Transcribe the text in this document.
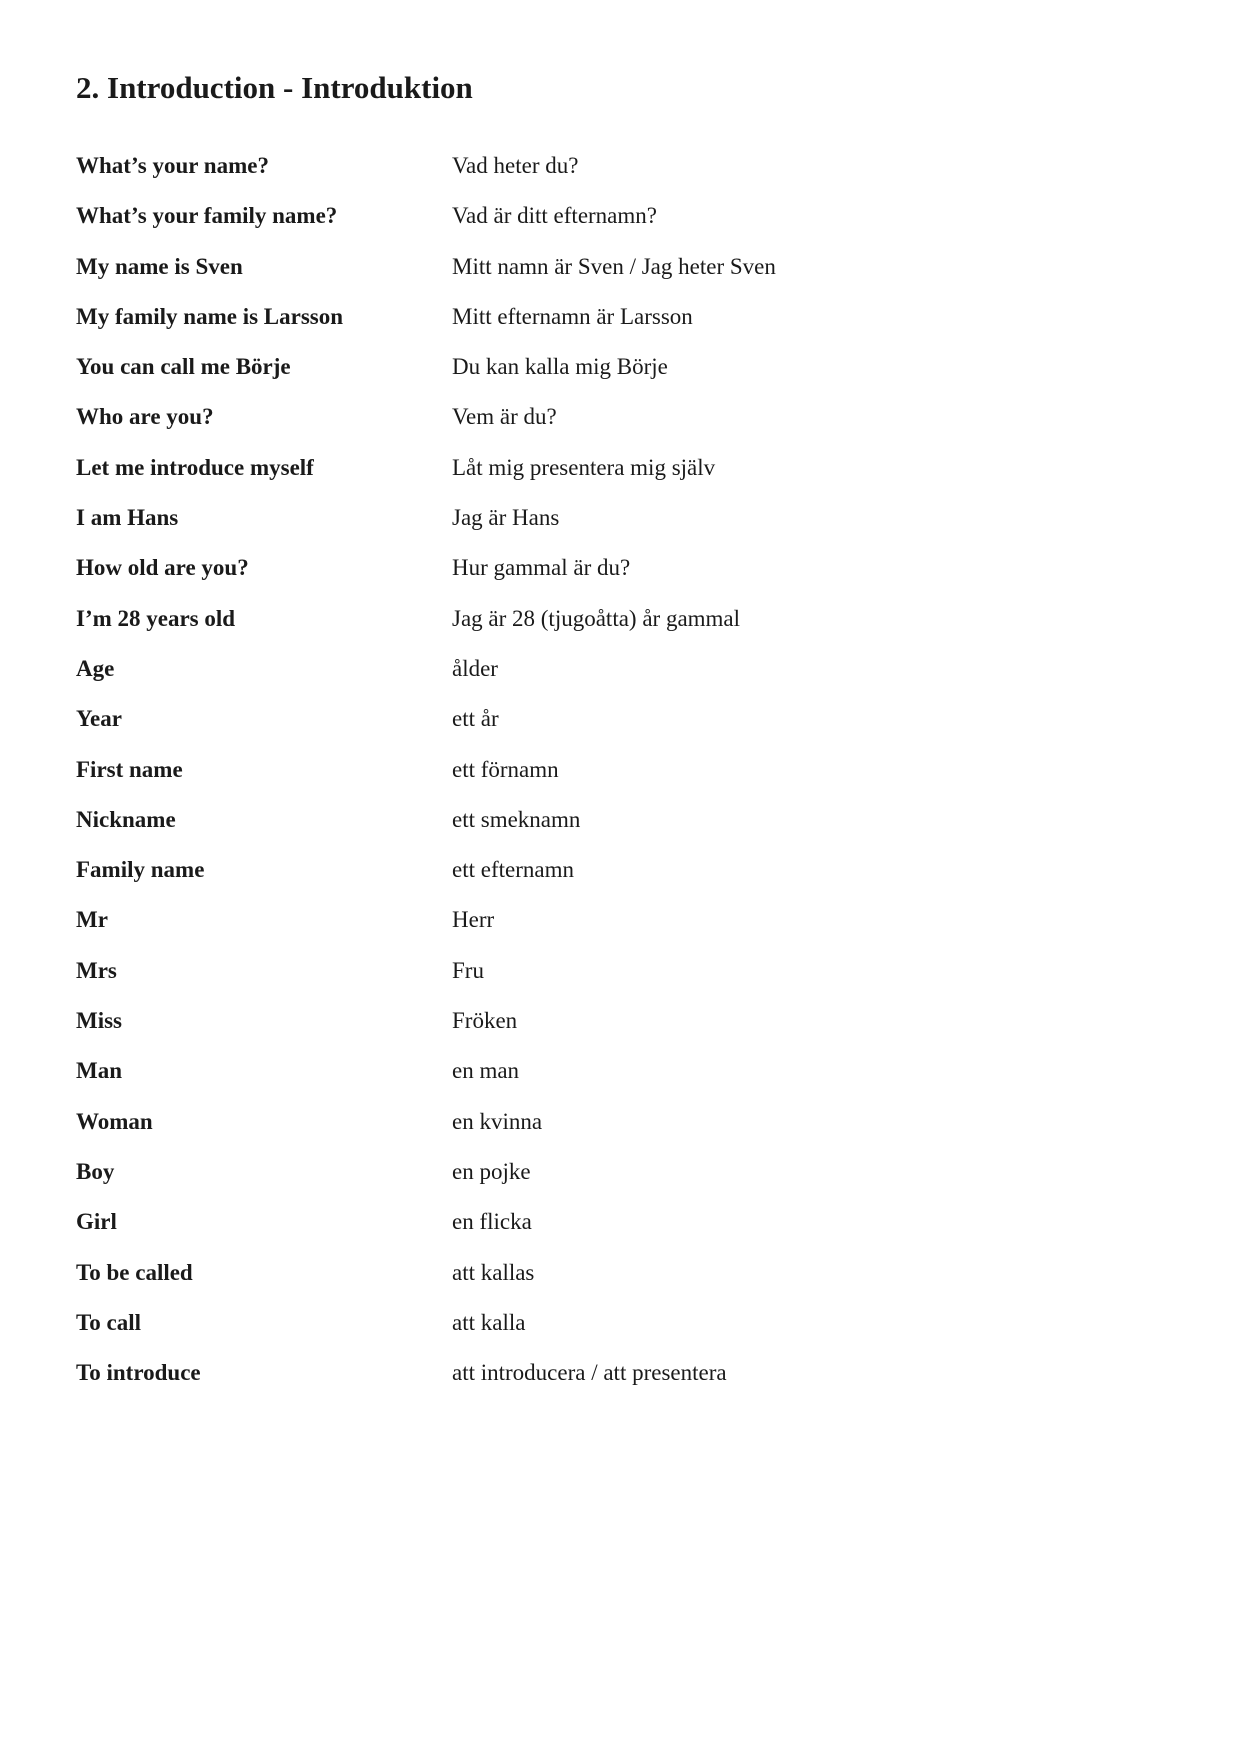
2. Introduction - Introduktion
What’s your name?	Vad heter du?
What’s your family name?	Vad är ditt efternamn?
My name is Sven	Mitt namn är Sven / Jag heter Sven
My family name is Larsson	Mitt efternamn är Larsson
You can call me Börje	Du kan kalla mig Börje
Who are you?	Vem är du?
Let me introduce myself	Låt mig presentera mig själv
I am Hans	Jag är Hans
How old are you?	Hur gammal är du?
I’m 28 years old	Jag är 28 (tjugoåtta) år gammal
Age	ålder
Year	ett år
First name	ett förnamn
Nickname	ett smeknamn
Family name	ett efternamn
Mr	Herr
Mrs	Fru
Miss	Fröken
Man	en man
Woman	en kvinna
Boy	en pojke
Girl	en flicka
To be called	att kallas
To call	att kalla
To introduce	att introducera / att presentera
